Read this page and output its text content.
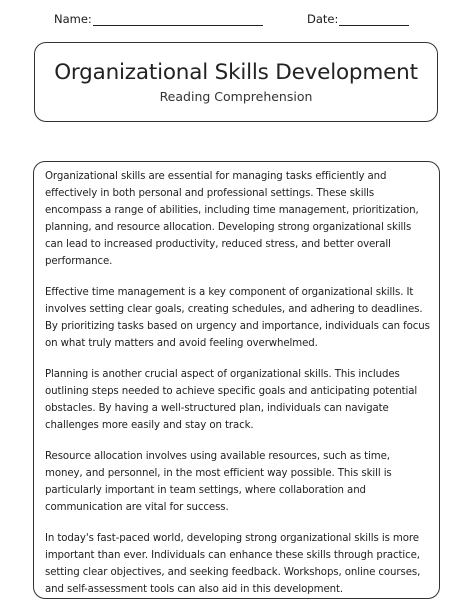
Name:	Date:
Organizational Skills Development
Reading Comprehension

Organizational skills are essential for managing tasks efficiently and effectively in both personal and professional settings. These skills encompass a range of abilities, including time management, prioritization, planning, and resource allocation. Developing strong organizational skills can lead to increased productivity, reduced stress, and better overall performance.

Effective time management is a key component of organizational skills. It involves setting clear goals, creating schedules, and adhering to deadlines. By prioritizing tasks based on urgency and importance, individuals can focus on what truly matters and avoid feeling overwhelmed.

Planning is another crucial aspect of organizational skills. This includes outlining steps needed to achieve specific goals and anticipating potential obstacles. By having a well-structured plan, individuals can navigate challenges more easily and stay on track.

Resource allocation involves using available resources, such as time, money, and personnel, in the most efficient way possible. This skill is particularly important in team settings, where collaboration and communication are vital for success.

In today's fast-paced world, developing strong organizational skills is more important than ever. Individuals can enhance these skills through practice, setting clear objectives, and seeking feedback. Workshops, online courses, and self-assessment tools can also aid in this development.
